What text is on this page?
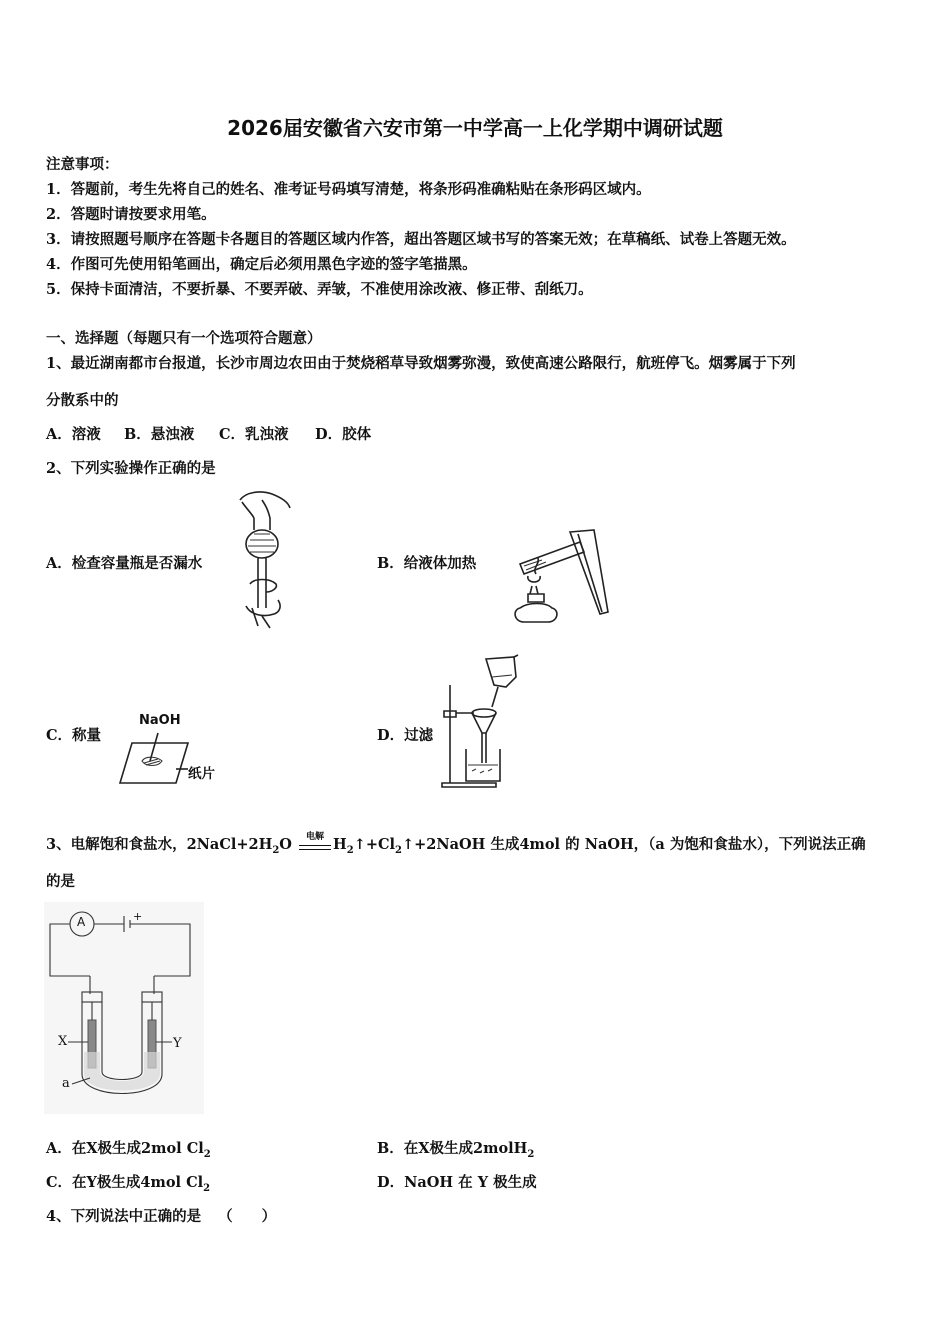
2026届安徽省六安市第一中学高一上化学期中调研试题
注意事项：
1．答题前，考生先将自己的姓名、准考证号码填写清楚，将条形码准确粘贴在条形码区域内。
2．答题时请按要求用笔。
3．请按照题号顺序在答题卡各题目的答题区域内作答，超出答题区域书写的答案无效；在草稿纸、试卷上答题无效。
4．作图可先使用铅笔画出，确定后必须用黑色字迹的签字笔描黑。
5．保持卡面清洁，不要折暴、不要弄破、弄皱，不准使用涂改液、修正带、刮纸刀。
一、选择题（每题只有一个选项符合题意）
1、最近湖南都市台报道，长沙市周边农田由于焚烧稻草导致烟雾弥漫，致使高速公路限行，航班停飞。烟雾属于下列
分散系中的
A．溶液 B．悬浊液 C．乳浊液 D．胶体
2、下列实验操作正确的是
A．检查容量瓶是否漏水	B．给液体加热
C．称量	D．过滤
NaOH
纸片
3、电解饱和食盐水，$2NaCl+2H_2O$	电解 $H_2↑+Cl_2↑+2NaOH$ 生成4mol 的 NaOH，（a 为饱和食盐水），下列说法正确
的是
A	+
X	Y
a
A．在X极生成2mol $Cl_2$	B．在X极生成2molH$_2$
C．在Y极生成4mol $Cl_2$	D．NaOH 在 Y 极生成
4、下列说法中正确的是 （　　）
